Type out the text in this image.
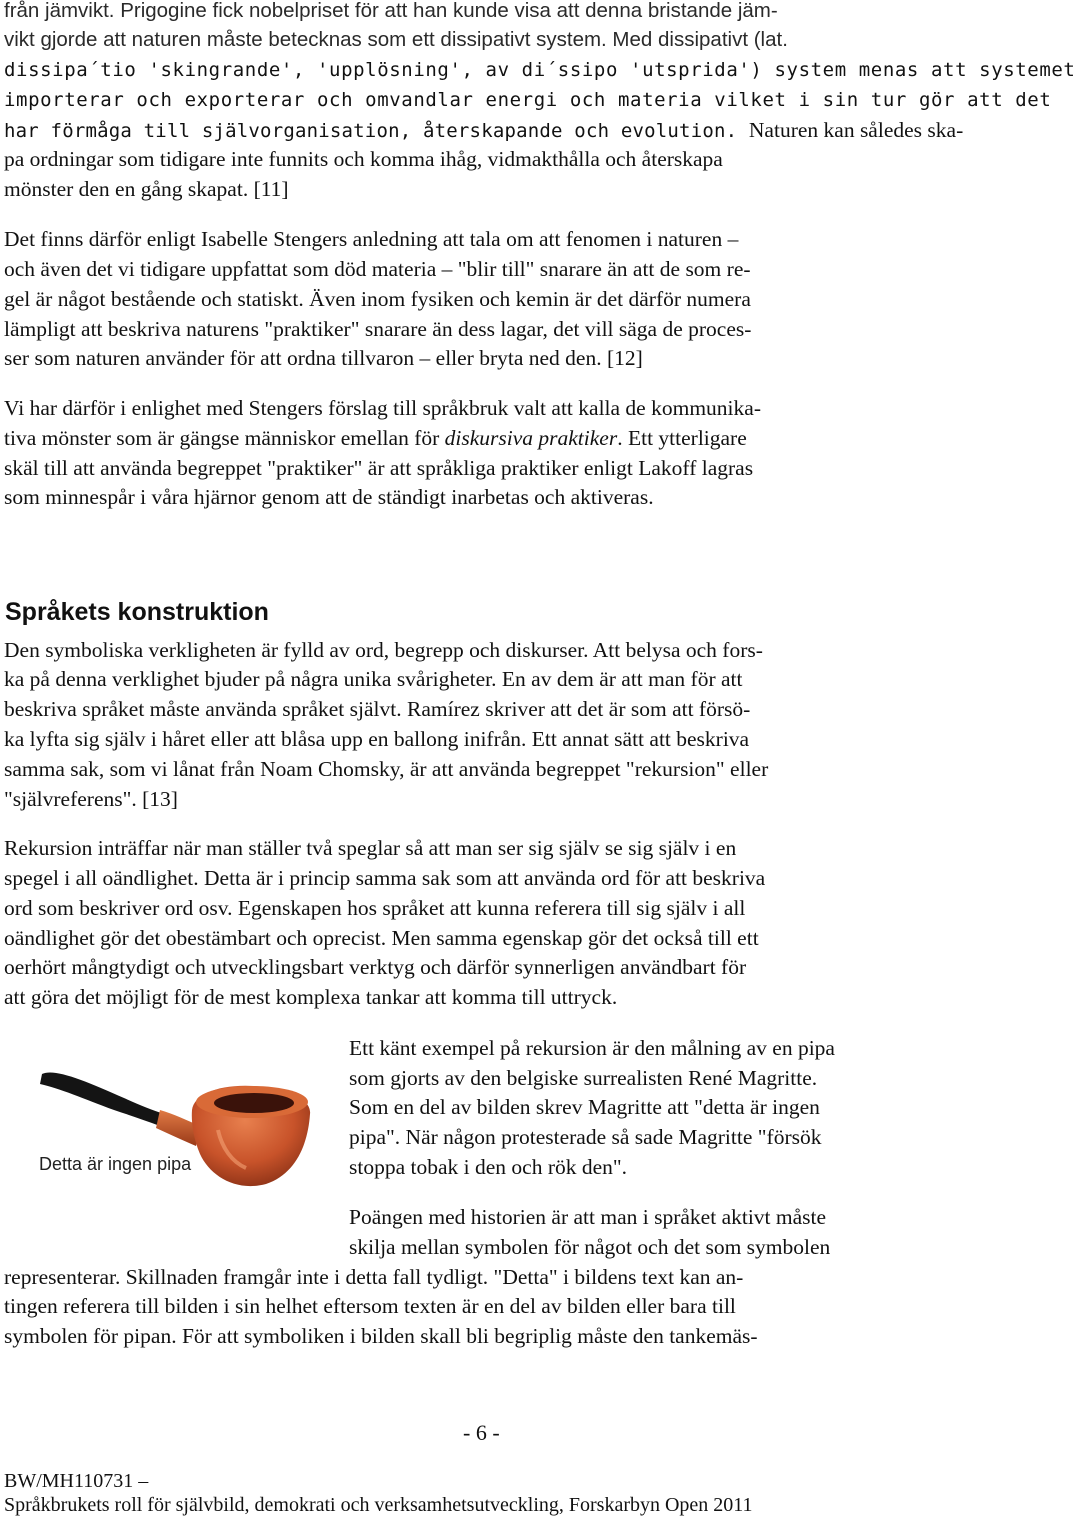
från jämvikt. Prigogine fick nobelpriset för att han kunde visa att denna bristande jäm-
vikt gjorde att naturen måste betecknas som ett dissipativt system. Med dissipativt (lat.
dissipa´tio 'skingrande', 'upplösning', av di´ssipo 'utsprida') system menas att systemet
importerar och exporterar och omvandlar energi och materia vilket i sin tur gör att det
har förmåga till självorganisation, återskapande och evolution. Naturen kan således ska-
pa ordningar som tidigare inte funnits och komma ihåg, vidmakthålla och återskapa
mönster den en gång skapat. [11]
Det finns därför enligt Isabelle Stengers anledning att tala om att fenomen i naturen –
och även det vi tidigare uppfattat som död materia – "blir till" snarare än att de som re-
gel är något bestående och statiskt. Även inom fysiken och kemin är det därför numera
lämpligt att beskriva naturens "praktiker" snarare än dess lagar, det vill säga de proces-
ser som naturen använder för att ordna tillvaron – eller bryta ned den. [12]
Vi har därför i enlighet med Stengers förslag till språkbruk valt att kalla de kommunika-
tiva mönster som är gängse människor emellan för diskursiva praktiker. Ett ytterligare
skäl till att använda begreppet "praktiker" är att språkliga praktiker enligt Lakoff lagras
som minnespår i våra hjärnor genom att de ständigt inarbetas och aktiveras.
Språkets konstruktion
Den symboliska verkligheten är fylld av ord, begrepp och diskurser. Att belysa och fors-
ka på denna verklighet bjuder på några unika svårigheter. En av dem är att man för att
beskriva språket måste använda språket självt. Ramírez skriver att det är som att försö-
ka lyfta sig själv i håret eller att blåsa upp en ballong inifrån. Ett annat sätt att beskriva
samma sak, som vi lånat från Noam Chomsky, är att använda begreppet "rekursion" eller
"självreferens". [13]
Rekursion inträffar när man ställer två speglar så att man ser sig själv se sig själv i en
spegel i all oändlighet. Detta är i princip samma sak som att använda ord för att beskriva
ord som beskriver ord osv. Egenskapen hos språket att kunna referera till sig själv i all
oändlighet gör det obestämbart och oprecist. Men samma egenskap gör det också till ett
oerhört mångtydigt och utvecklingsbart verktyg och därför synnerligen användbart för
att göra det möjligt för de mest komplexa tankar att komma till uttryck.
Detta är ingen pipa
Ett känt exempel på rekursion är den målning av en pipa
som gjorts av den belgiske surrealisten René Magritte.
Som en del av bilden skrev Magritte att "detta är ingen
pipa". När någon protesterade så sade Magritte "försök
stoppa tobak i den och rök den".
Poängen med historien är att man i språket aktivt måste
skilja mellan symbolen för något och det som symbolen
representerar. Skillnaden framgår inte i detta fall tydligt. "Detta" i bildens text kan an-
tingen referera till bilden i sin helhet eftersom texten är en del av bilden eller bara till
symbolen för pipan. För att symboliken i bilden skall bli begriplig måste den tankemäs-
- 6 -
BW/MH110731 –
Språkbrukets roll för självbild, demokrati och verksamhetsutveckling, Forskarbyn Open 2011
